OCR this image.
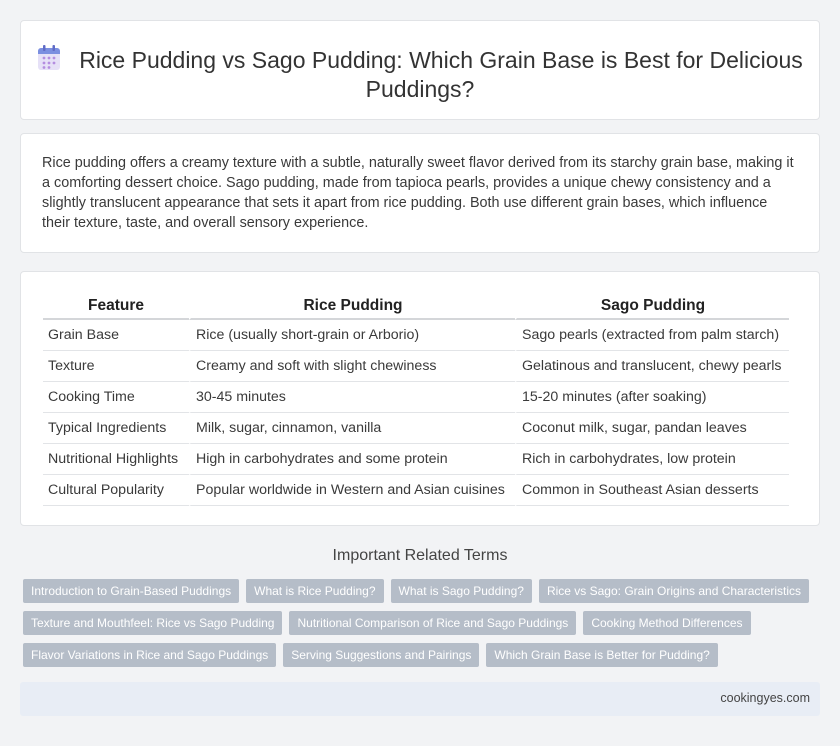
Rice Pudding vs Sago Pudding: Which Grain Base is Best for Delicious Puddings?

Rice pudding offers a creamy texture with a subtle, naturally sweet flavor derived from its starchy grain base, making it a comforting dessert choice. Sago pudding, made from tapioca pearls, provides a unique chewy consistency and a slightly translucent appearance that sets it apart from rice pudding. Both use different grain bases, which influence their texture, taste, and overall sensory experience.

Feature	Rice Pudding	Sago Pudding
Grain Base	Rice (usually short-grain or Arborio)	Sago pearls (extracted from palm starch)
Texture	Creamy and soft with slight chewiness	Gelatinous and translucent, chewy pearls
Cooking Time	30-45 minutes	15-20 minutes (after soaking)
Typical Ingredients	Milk, sugar, cinnamon, vanilla	Coconut milk, sugar, pandan leaves
Nutritional Highlights	High in carbohydrates and some protein	Rich in carbohydrates, low protein
Cultural Popularity	Popular worldwide in Western and Asian cuisines	Common in Southeast Asian desserts
Important Related Terms
Introduction to Grain-Based Puddings	What is Rice Pudding?	What is Sago Pudding?	Rice vs Sago: Grain Origins and Characteristics
Texture and Mouthfeel: Rice vs Sago Pudding	Nutritional Comparison of Rice and Sago Puddings	Cooking Method Differences
Flavor Variations in Rice and Sago Puddings	Serving Suggestions and Pairings	Which Grain Base is Better for Pudding?
cookingyes.com
